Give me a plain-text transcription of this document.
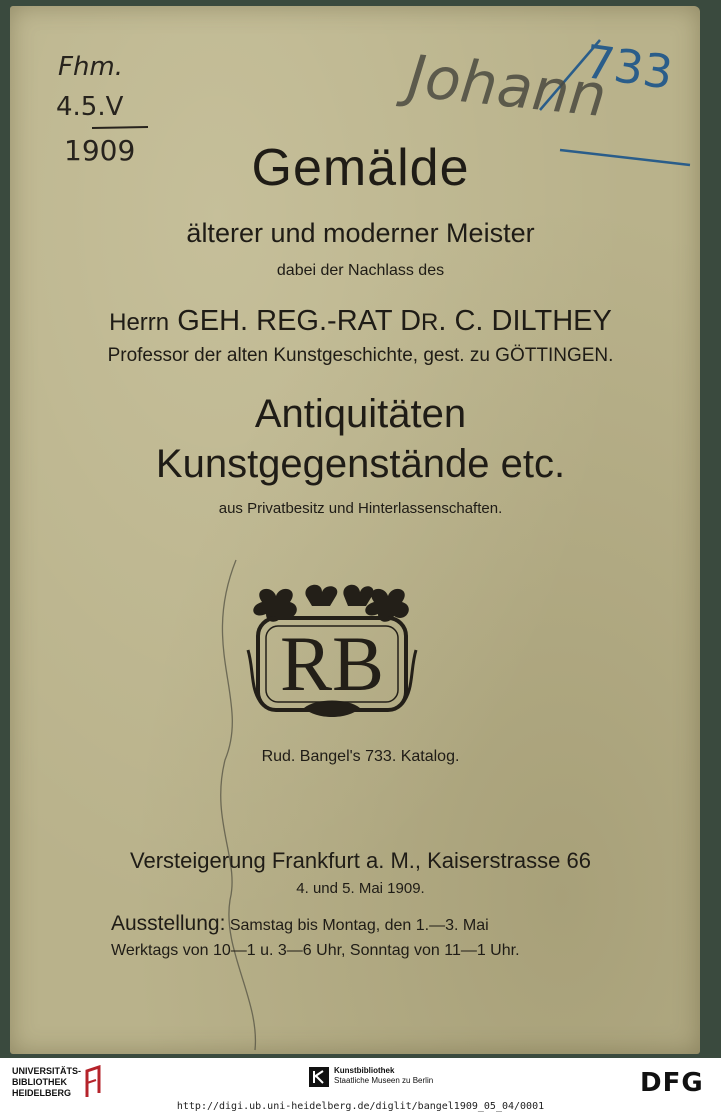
Fhm.
4.5.V
1909
Johann
733
Gemälde
älterer und moderner Meister
dabei der Nachlass des
Herrn GEH. REG.-RAT DR. C. DILTHEY
Professor der alten Kunstgeschichte, gest. zu GÖTTINGEN.
Antiquitäten
Kunstgegenstände etc.
aus Privatbesitz und Hinterlassenschaften.
RB
Rud. Bangel's 733. Katalog.
Versteigerung Frankfurt a. M., Kaiserstrasse 66
4. und 5. Mai 1909.
Ausstellung: Samstag bis Montag, den 1.—3. Mai
Werktags von 10—1 u. 3—6 Uhr, Sonntag von 11—1 Uhr.
UNIVERSITÄTS-
BIBLIOTHEK
HEIDELBERG
Kunstbibliothek
Staatliche Museen zu Berlin	DFG
http://digi.ub.uni-heidelberg.de/diglit/bangel1909_05_04/0001
